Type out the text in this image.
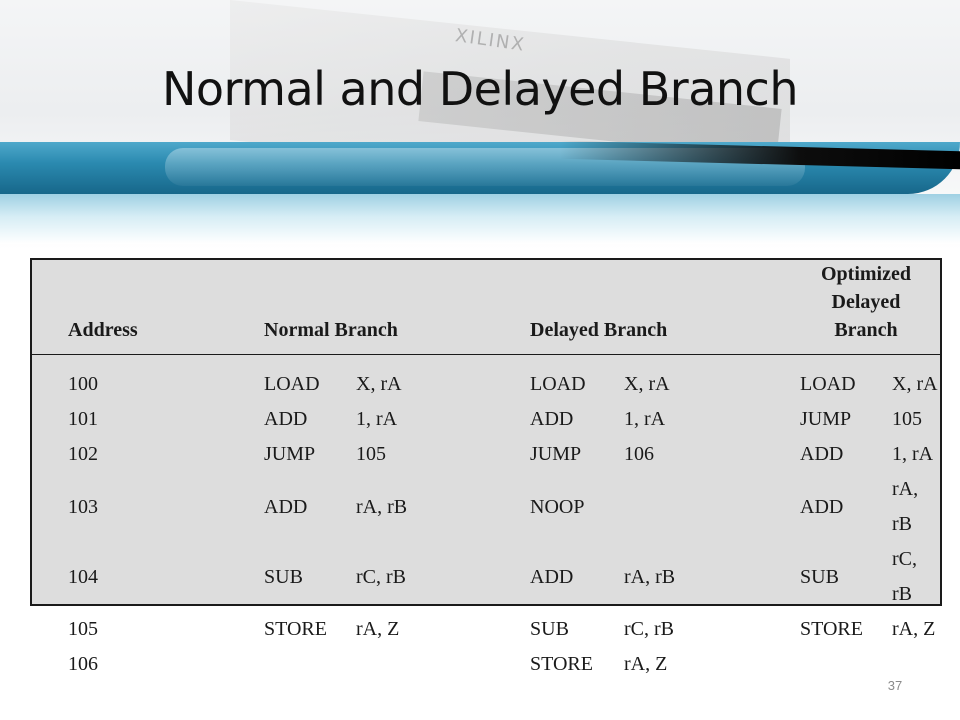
XILINX
Normal and Delayed Branch
Address	Normal Branch		Delayed Branch		Optimized
Delayed Branch	
100	LOAD	X, rA	LOAD	X, rA	LOAD	X, rA
101	ADD	1, rA	ADD	1, rA	JUMP	105
102	JUMP	105	JUMP	106	ADD	1, rA
103	ADD	rA, rB	NOOP		ADD	rA, rB
104	SUB	rC, rB	ADD	rA, rB	SUB	rC, rB
105	STORE	rA, Z	SUB	rC, rB	STORE	rA, Z
106			STORE	rA, Z		
37
